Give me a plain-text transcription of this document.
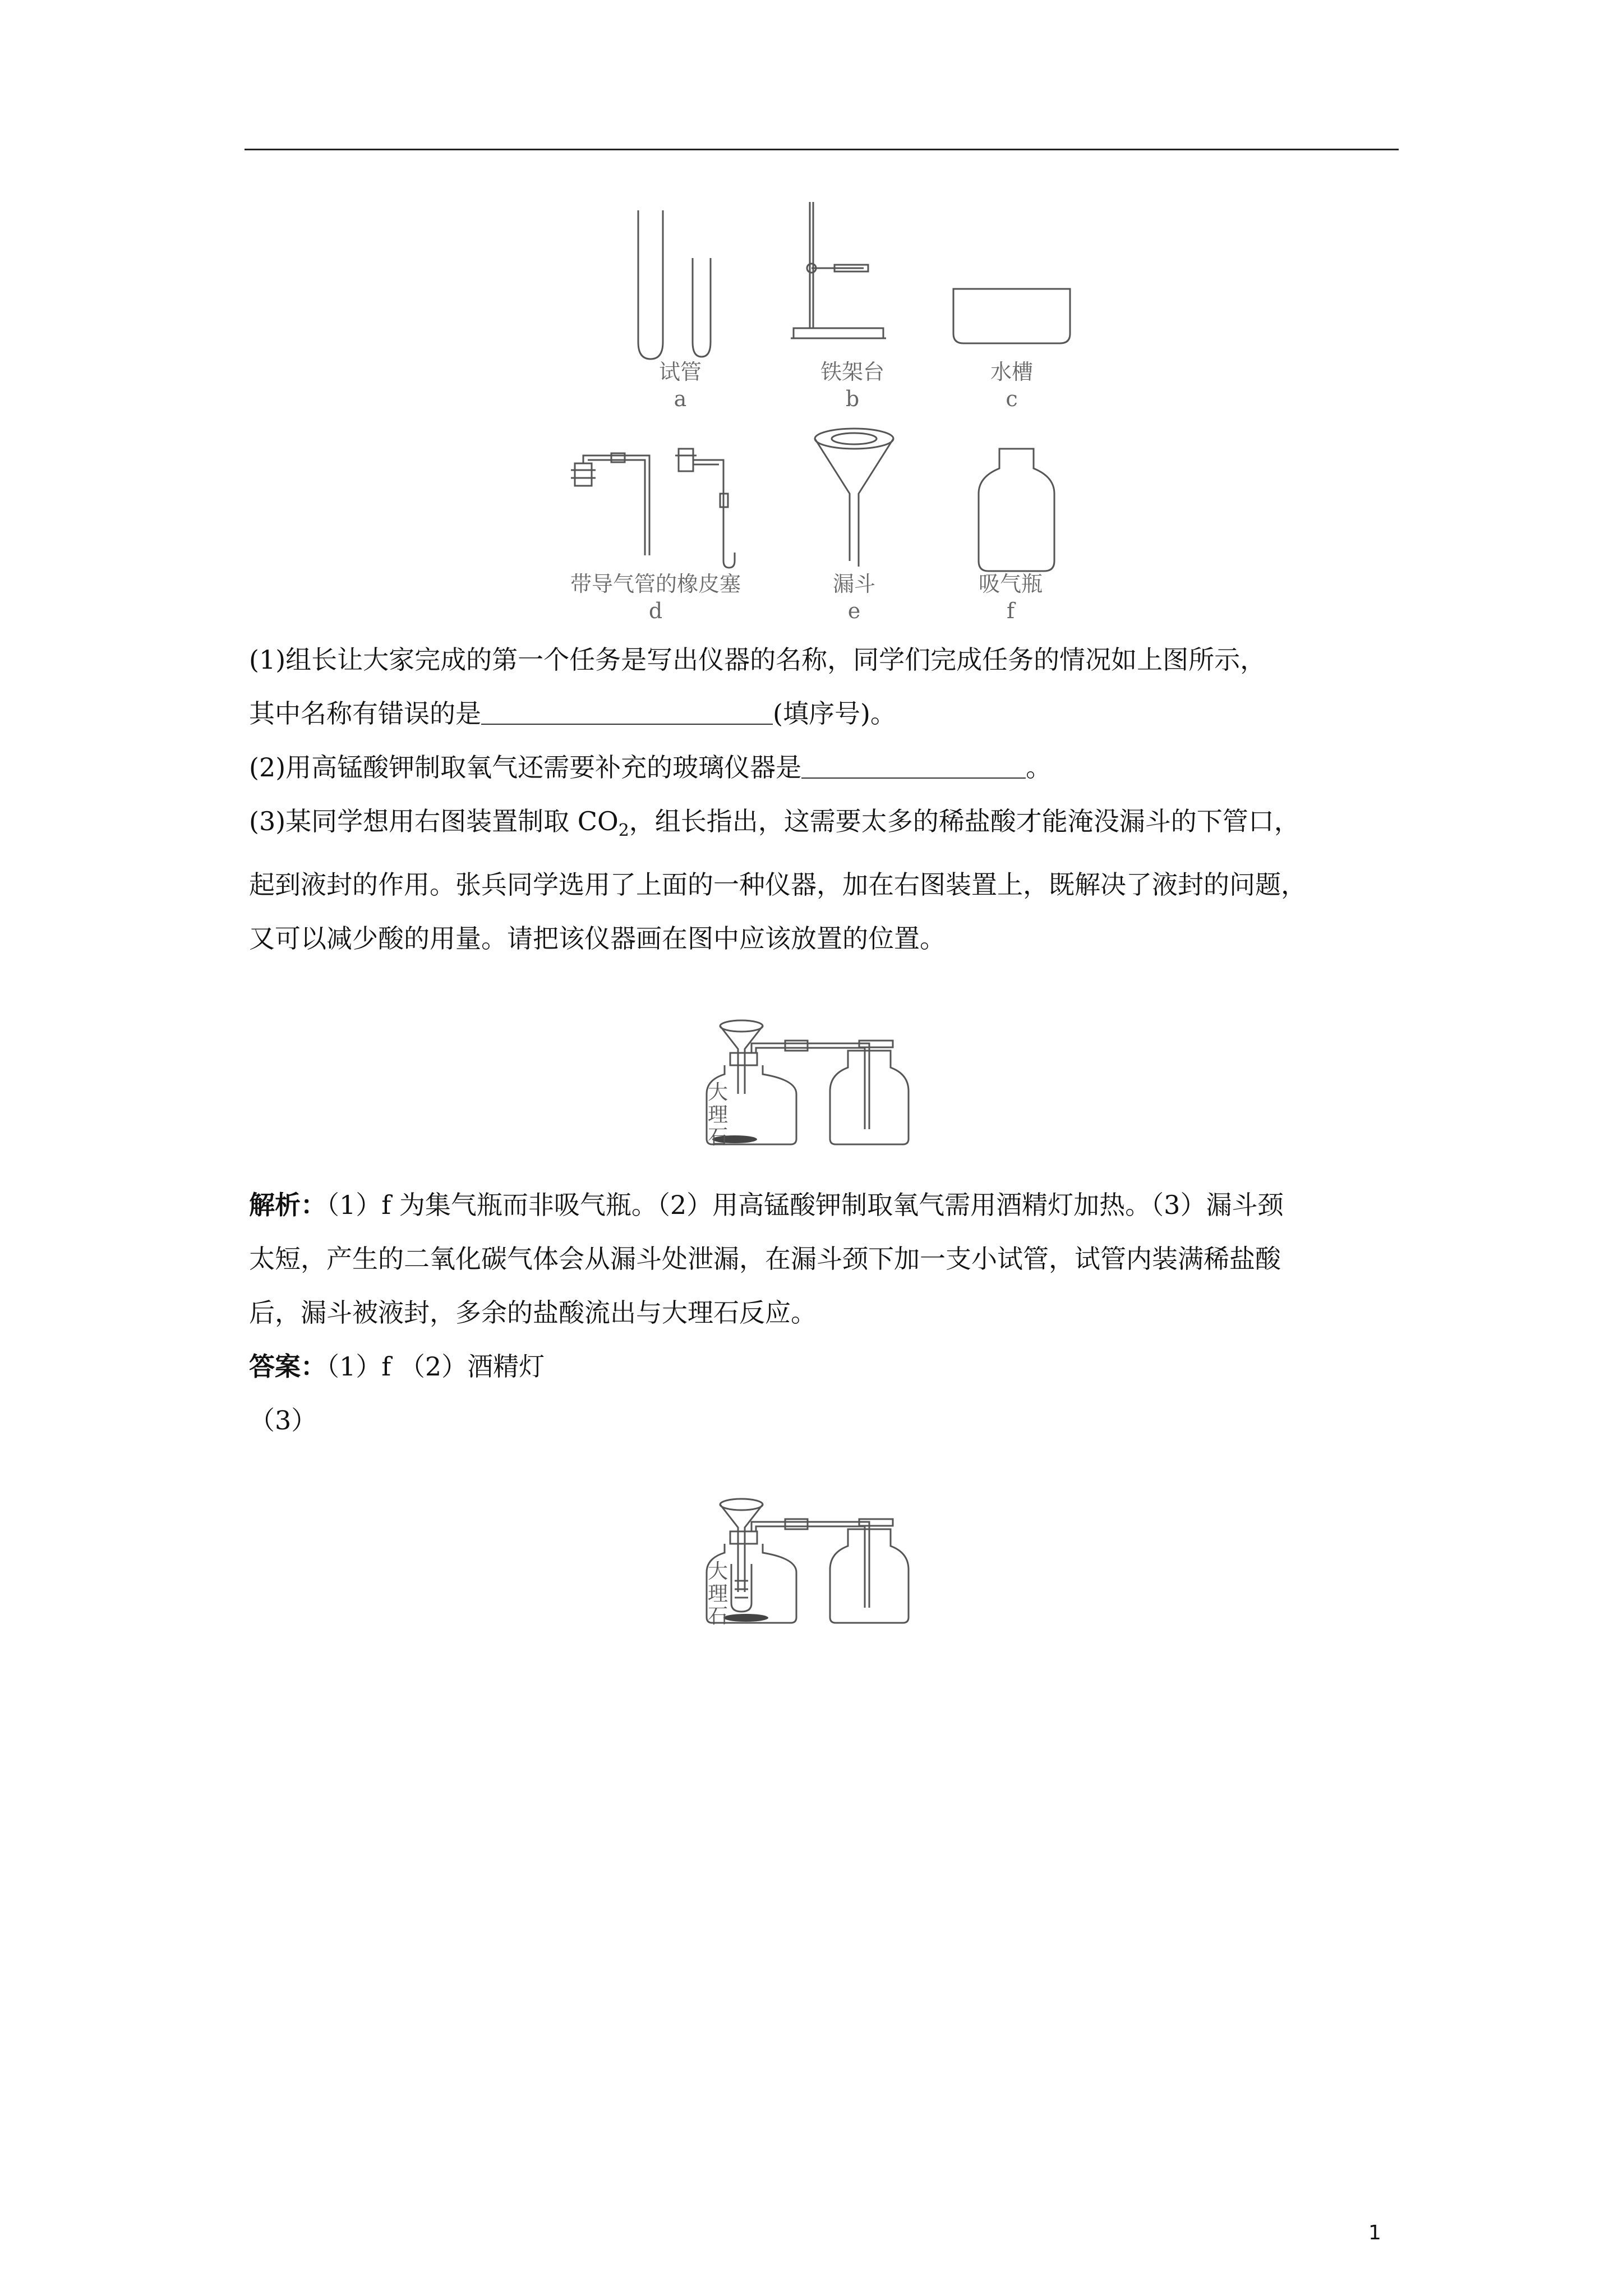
试管
a
铁架台
b
水槽
c
带导气管的橡皮塞
d
漏斗
e
吸气瓶
f

(1)组长让大家完成的第一个任务是写出仪器的名称，同学们完成任务的情况如上图所示，

其中名称有错误的是	(填序号)。

(2)用高锰酸钾制取氧气还需要补充的玻璃仪器是	。

(3)某同学想用右图装置制取 $CO_2$，组长指出，这需要太多的稀盐酸才能淹没漏斗的下管口，

起到液封的作用。张兵同学选用了上面的一种仪器，加在右图装置上，既解决了液封的问题，

又可以减少酸的用量。请把该仪器画在图中应该放置的位置。

大
理
石

解析：（1）f 为集气瓶而非吸气瓶。（2）用高锰酸钾制取氧气需用酒精灯加热。（3）漏斗颈

太短，产生的二氧化碳气体会从漏斗处泄漏，在漏斗颈下加一支小试管，试管内装满稀盐酸

后，漏斗被液封，多余的盐酸流出与大理石反应。

答案：（1）f （2）酒精灯

（3）

大
理
石
1
